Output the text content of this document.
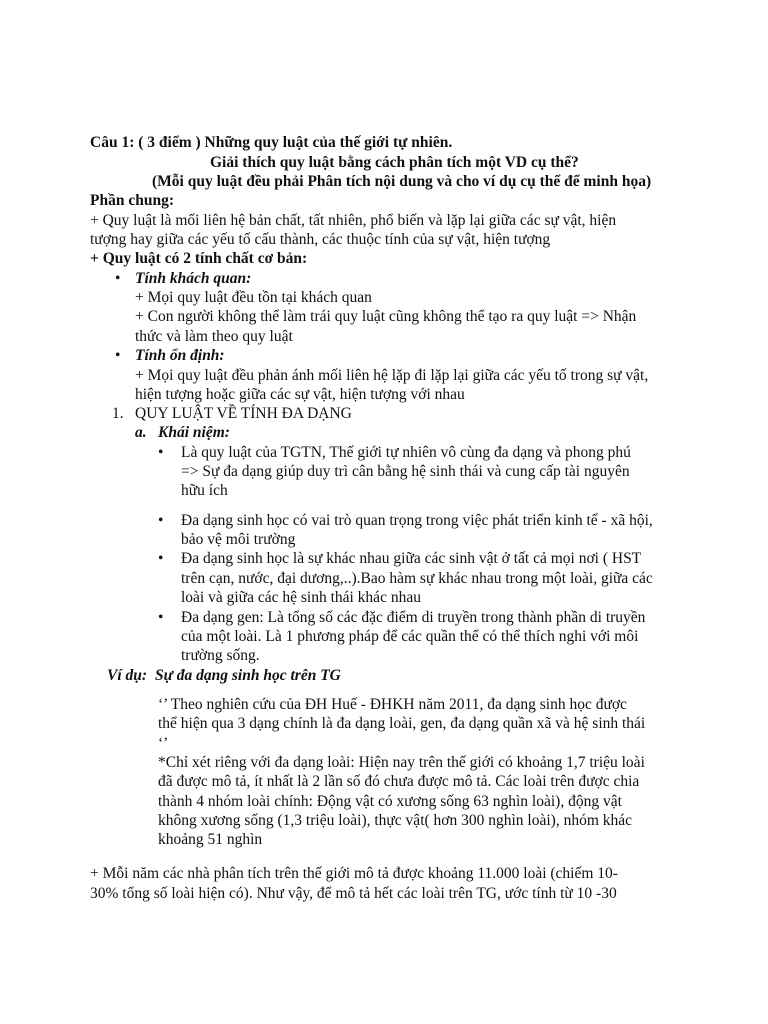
Câu 1: ( 3 điểm ) Những quy luật của thế giới tự nhiên.
Giải thích quy luật bằng cách phân tích một VD cụ thể?
(Mỗi quy luật đều phải Phân tích nội dung và cho ví dụ cụ thể để minh họa)
Phần chung:
+ Quy luật là mối liên hệ bản chất, tất nhiên, phổ biến và lặp lại giữa các sự vật, hiện
tượng hay giữa các yếu tố cấu thành, các thuộc tính của sự vật, hiện tượng
+ Quy luật có 2 tính chất cơ bản:
• Tính khách quan:
+ Mọi quy luật đều tồn tại khách quan
+ Con người không thể làm trái quy luật cũng không thể tạo ra quy luật => Nhận
thức và làm theo quy luật
• Tính ổn định:
+ Mọi quy luật đều phản ánh mối liên hệ lặp đi lặp lại giữa các yếu tố trong sự vật,
hiện tượng hoặc giữa các sự vật, hiện tượng với nhau
1. QUY LUẬT VỀ TÍNH ĐA DẠNG
a. Khái niệm:
• Là quy luật của TGTN, Thế giới tự nhiên vô cùng đa dạng và phong phú
=> Sự đa dạng giúp duy trì cân bằng hệ sinh thái và cung cấp tài nguyên
hữu ích
• Đa dạng sinh học có vai trò quan trọng trong việc phát triển kinh tế - xã hội,
bảo vệ môi trường
• Đa dạng sinh học là sự khác nhau giữa các sinh vật ở tất cả mọi nơi ( HST
trên cạn, nước, đại dương,..).Bao hàm sự khác nhau trong một loài, giữa các
loài và giữa các hệ sinh thái khác nhau
• Đa dạng gen: Là tổng số các đặc điểm di truyền trong thành phần di truyền
của một loài. Là 1 phương pháp để các quần thể có thể thích nghi với môi
trường sống.
Ví dụ: Sự đa dạng sinh học trên TG
‘’ Theo nghiên cứu của ĐH Huế - ĐHKH năm 2011, đa dạng sinh học được
thể hiện qua 3 dạng chính là đa dạng loài, gen, đa dạng quần xã và hệ sinh thái
‘’
*Chỉ xét riêng với đa dạng loài: Hiện nay trên thế giới có khoảng 1,7 triệu loài
đã được mô tả, ít nhất là 2 lần số đó chưa được mô tả. Các loài trên được chia
thành 4 nhóm loài chính: Động vật có xương sống 63 nghìn loài), động vật
không xương sống (1,3 triệu loài), thực vật( hơn 300 nghìn loài), nhóm khác
khoảng 51 nghìn
+ Mỗi năm các nhà phân tích trên thế giới mô tả được khoảng 11.000 loài (chiếm 10-
30% tổng số loài hiện có). Như vậy, để mô tả hết các loài trên TG, ước tính từ 10 -30
